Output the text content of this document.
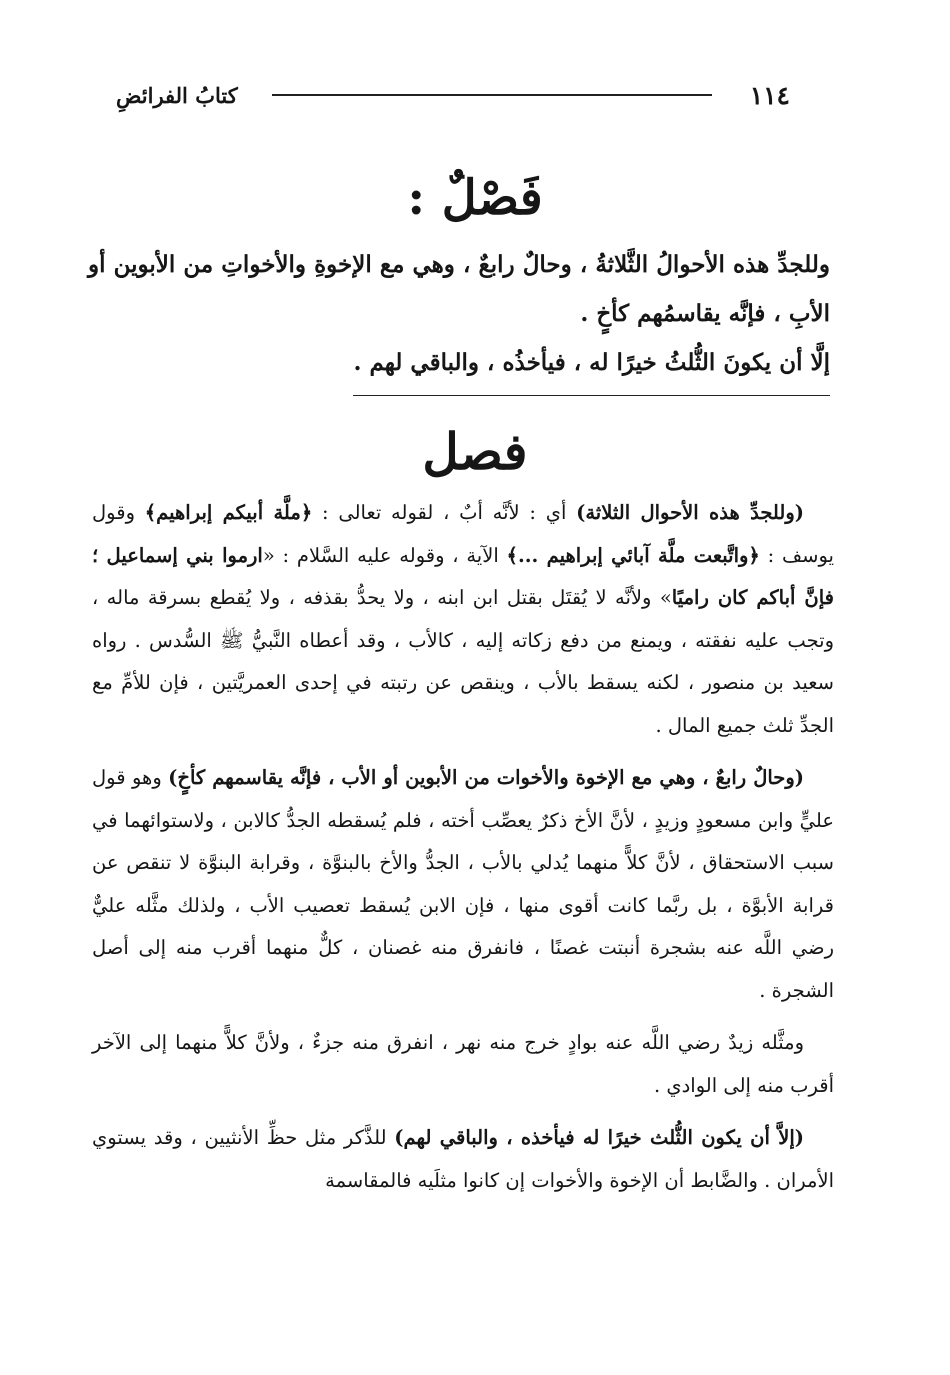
١١٤
كتابُ الفرائضِ
فَصْلٌ :

وللجدِّ هذه الأحوالُ الثَّلاثةُ ، وحالٌ رابعٌ ، وهي مع الإخوةِ والأخواتِ من الأبوين أو الأبِ ، فإنَّه يقاسمُهم كأخٍ .

إلَّا أن يكونَ الثُّلثُ خيرًا له ، فيأخذُه ، والباقي لهم .

فصل

(وللجدِّ هذه الأحوال الثلاثة) أي : لأنَّه أبٌ ، لقوله تعالى : ﴿ملَّة أبيكم إبراهيم﴾ وقول يوسف : ﴿واتَّبعت ملَّة آبائي إبراهيم ...﴾ الآية ، وقوله عليه السَّلام : «ارموا بني إسماعيل ؛ فإنَّ أباكم كان راميًا» ولأنَّه لا يُقتَل بقتل ابن ابنه ، ولا يحدُّ بقذفه ، ولا يُقطع بسرقة ماله ، وتجب عليه نفقته ، ويمنع من دفع زكاته إليه ، كالأب ، وقد أعطاه النَّبيُّ ﷺ السُّدس . رواه سعيد بن منصور ، لكنه يسقط بالأب ، وينقص عن رتبته في إحدى العمريَّتين ، فإن للأمِّ مع الجدِّ ثلث جميع المال .

(وحالٌ رابعٌ ، وهي مع الإخوة والأخوات من الأبوين أو الأب ، فإنَّه يقاسمهم كأخٍ) وهو قول عليٍّ وابن مسعودٍ وزيدٍ ، لأنَّ الأخ ذكرٌ يعصِّب أخته ، فلم يُسقطه الجدُّ كالابن ، ولاستوائهما في سبب الاستحقاق ، لأنَّ كلاًّ منهما يُدلي بالأب ، الجدُّ والأخ بالبنوَّة ، وقرابة البنوَّة لا تنقص عن قرابة الأبوَّة ، بل ربَّما كانت أقوى منها ، فإن الابن يُسقط تعصيب الأب ، ولذلك مثَّله عليٌّ رضي اللَّه عنه بشجرة أنبتت غصنًا ، فانفرق منه غصنان ، كلٌّ منهما أقرب منه إلى أصل الشجرة .

ومثَّله زيدٌ رضي اللَّه عنه بوادٍ خرج منه نهر ، انفرق منه جزءٌ ، ولأنَّ كلاًّ منهما إلى الآخر أقرب منه إلى الوادي .

(إلاَّ أن يكون الثُّلث خيرًا له فيأخذه ، والباقي لهم) للذَّكر مثل حظِّ الأنثيين ، وقد يستوي الأمران . والضَّابط أن الإخوة والأخوات إن كانوا مثلَيه فالمقاسمة
